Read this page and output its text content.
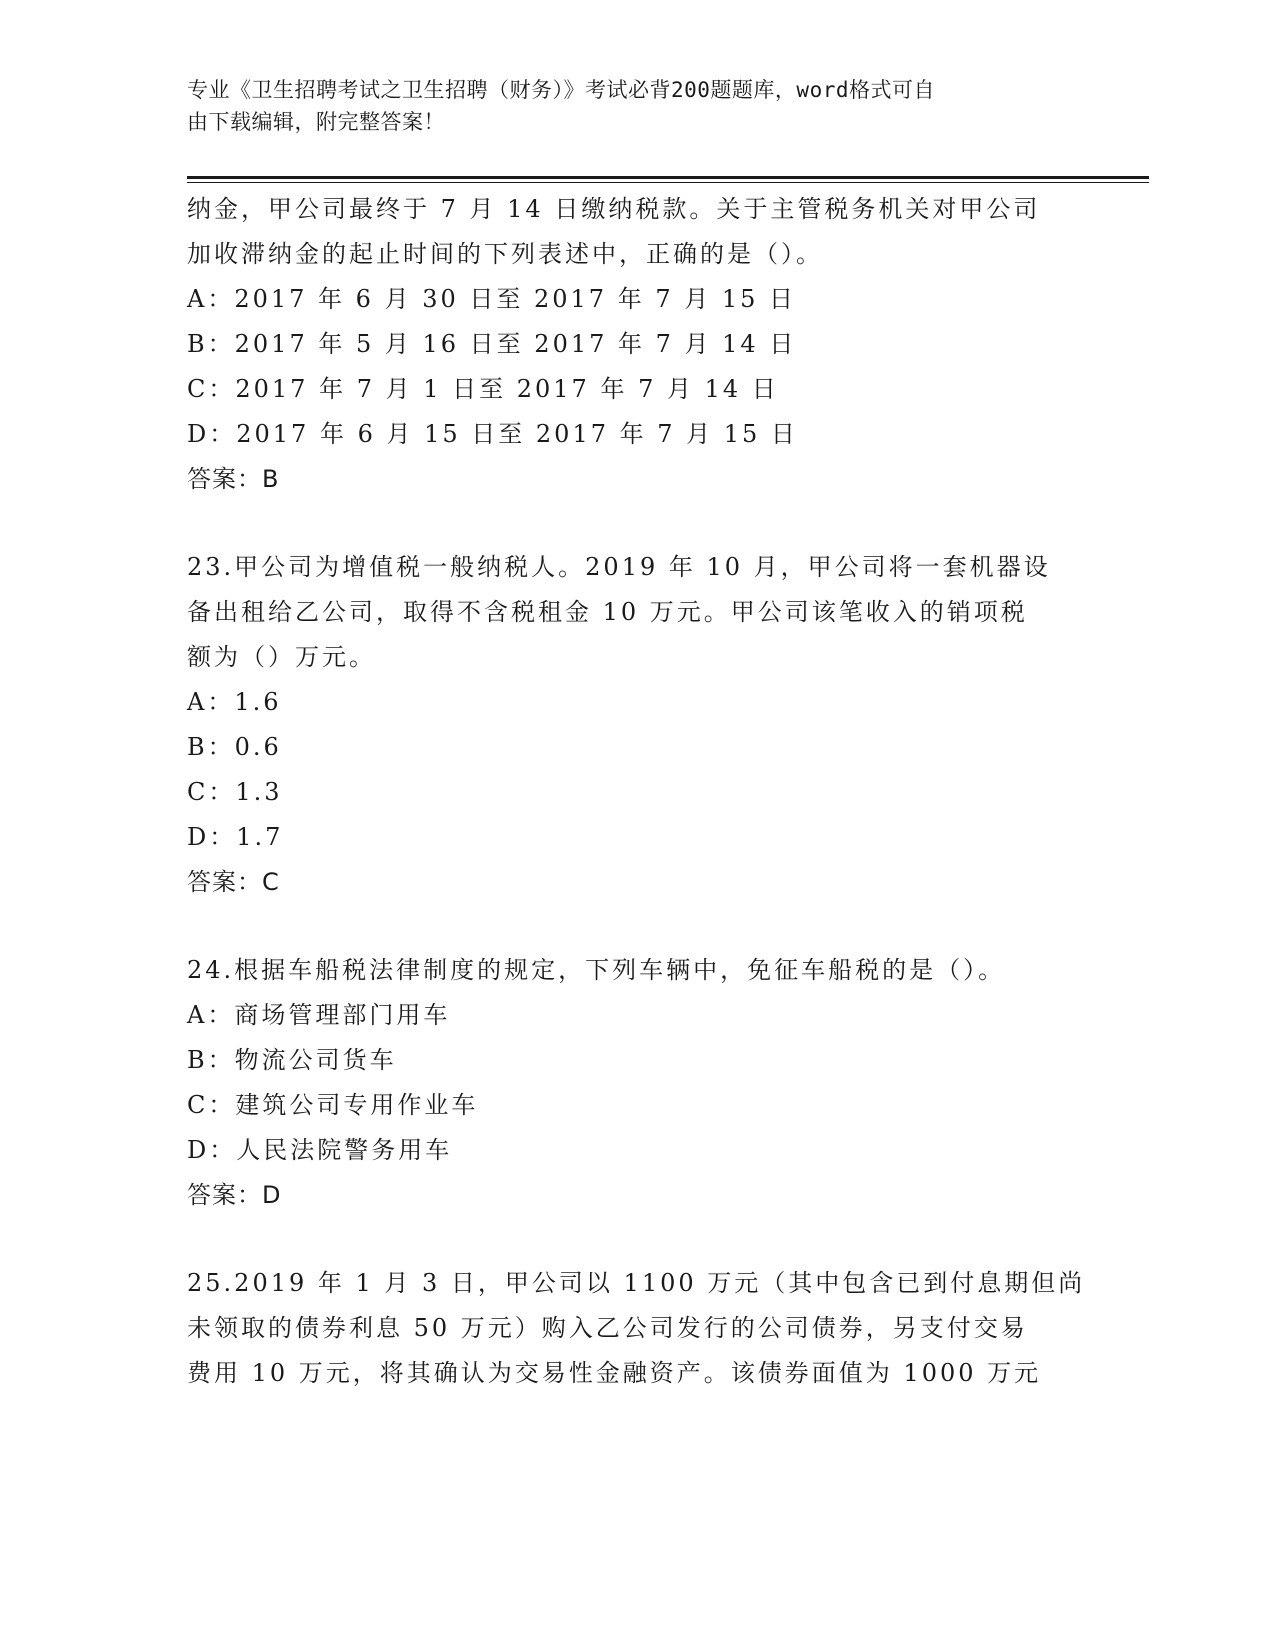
专业《卫生招聘考试之卫生招聘（财务）》考试必背200题题库，word格式可自
由下载编辑，附完整答案！
纳金，甲公司最终于 7 月 14 日缴纳税款。关于主管税务机关对甲公司
加收滞纳金的起止时间的下列表述中，正确的是（）。
A：2017 年 6 月 30 日至 2017 年 7 月 15 日
B：2017 年 5 月 16 日至 2017 年 7 月 14 日
C：2017 年 7 月 1 日至 2017 年 7 月 14 日
D：2017 年 6 月 15 日至 2017 年 7 月 15 日
答案：B
23.甲公司为增值税一般纳税人。2019 年 10 月，甲公司将一套机器设
备出租给乙公司，取得不含税租金 10 万元。甲公司该笔收入的销项税
额为（）万元。
A：1.6
B：0.6
C：1.3
D：1.7
答案：C
24.根据车船税法律制度的规定，下列车辆中，免征车船税的是（）。
A：商场管理部门用车
B：物流公司货车
C：建筑公司专用作业车
D：人民法院警务用车
答案：D
25.2019 年 1 月 3 日，甲公司以 1100 万元（其中包含已到付息期但尚
未领取的债券利息 50 万元）购入乙公司发行的公司债券，另支付交易
费用 10 万元，将其确认为交易性金融资产。该债券面值为 1000 万元
